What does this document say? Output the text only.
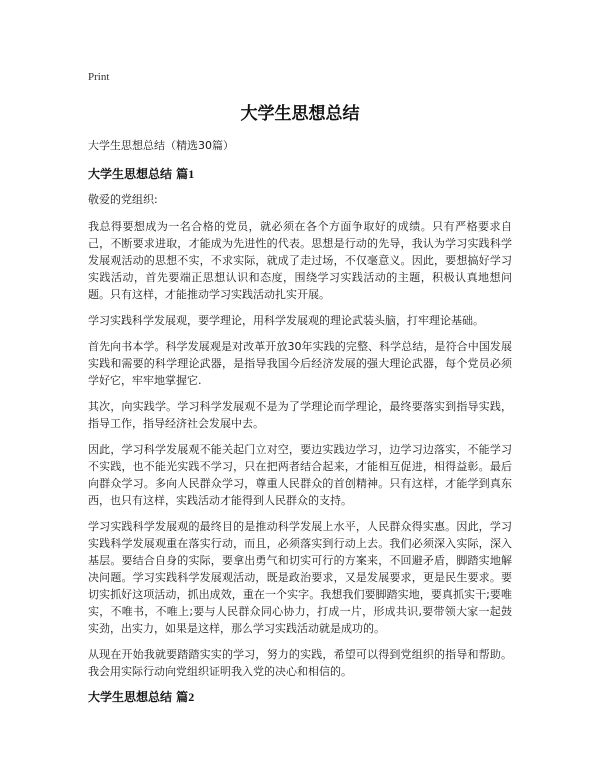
Print
大学生思想总结

大学生思想总结（精选30篇）

大学生思想总结 篇1

敬爱的党组织:

我总得要想成为一名合格的党员，就必须在各个方面争取好的成绩。只有严格要求自己，不断要求进取，才能成为先进性的代表。思想是行动的先导，我认为学习实践科学发展观活动的思想不实，不求实际，就成了走过场，不仅毫意义。因此，要想搞好学习实践活动，首先要端正思想认识和态度，围绕学习实践活动的主题，积极认真地想问题。只有这样，才能推动学习实践活动扎实开展。

学习实践科学发展观，要学理论，用科学发展观的理论武装头脑，打牢理论基础。

首先向书本学。科学发展观是对改革开放30年实践的完整、科学总结，是符合中国发展实践和需要的科学理论武器，是指导我国今后经济发展的强大理论武器，每个党员必须学好它，牢牢地掌握它.

其次，向实践学。学习科学发展观不是为了学理论而学理论，最终要落实到指导实践，指导工作，指导经济社会发展中去。

因此，学习科学发展观不能关起门立对空，要边实践边学习，边学习边落实，不能学习不实践，也不能光实践不学习，只在把两者结合起来，才能相互促进，相得益彰。最后向群众学习。多向人民群众学习，尊重人民群众的首创精神。只有这样，才能学到真东西，也只有这样，实践活动才能得到人民群众的支持。

学习实践科学发展观的最终目的是推动科学发展上水平，人民群众得实惠。因此，学习实践科学发展观重在落实行动，而且，必须落实到行动上去。我们必须深入实际，深入基层。要结合自身的实际，要拿出勇气和切实可行的方案来，不回避矛盾，脚踏实地解决问题。学习实践科学发展观活动，既是政治要求，又是发展要求，更是民生要求。要切实抓好这项活动，抓出成效，重在一个实字。我想我们要脚踏实地，要真抓实干;要唯实，不唯书，不唯上;要与人民群众同心协力，打成一片，形成共识,要带领大家一起鼓实劲，出实力，如果是这样，那么学习实践活动就是成功的。

从现在开始我就要踏踏实实的学习，努力的实践，希望可以得到党组织的指导和帮助。我会用实际行动向党组织证明我入党的决心和相信的。

大学生思想总结 篇2
